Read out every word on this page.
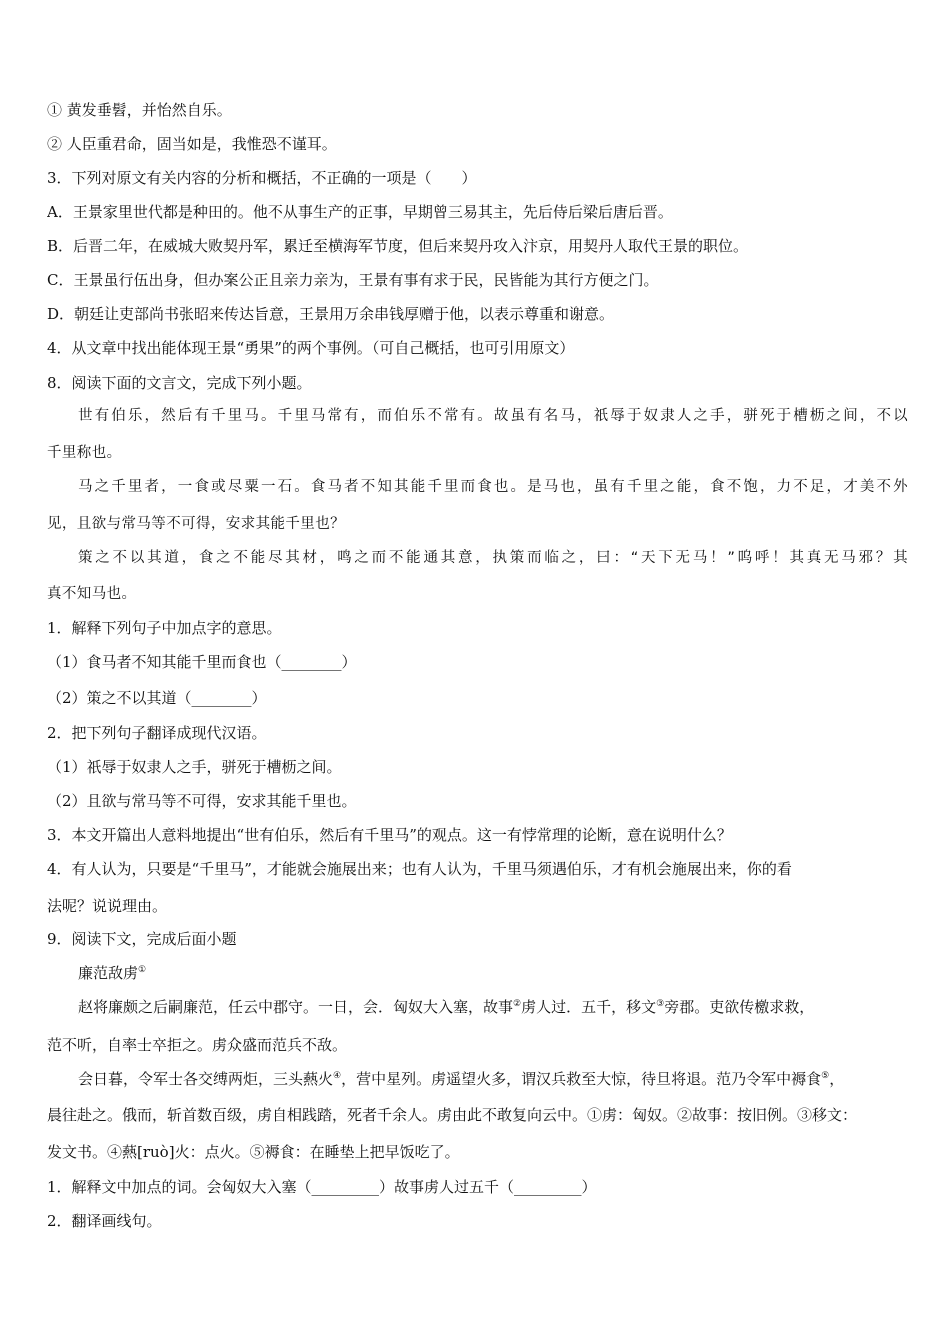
① 黄发垂髫，并怡然自乐。
② 人臣重君命，固当如是，我惟恐不谨耳。
3．下列对原文有关内容的分析和概括，不正确的一项是（　　）
A．王景家里世代都是种田的。他不从事生产的正事，早期曾三易其主，先后侍后梁后唐后晋。
B．后晋二年，在威城大败契丹军，累迁至横海军节度，但后来契丹攻入汴京，用契丹人取代王景的职位。
C．王景虽行伍出身，但办案公正且亲力亲为，王景有事有求于民，民皆能为其行方便之门。
D．朝廷让吏部尚书张昭来传达旨意，王景用万余串钱厚赠于他，以表示尊重和谢意。
4．从文章中找出能体现王景“勇果”的两个事例。（可自己概括，也可引用原文）
8．阅读下面的文言文，完成下列小题。
世有伯乐，然后有千里马。千里马常有，而伯乐不常有。故虽有名马，祇辱于奴隶人之手，骈死于槽枥之间，不以
千里称也。
马之千里者，一食或尽粟一石。食马者不知其能千里而食也。是马也，虽有千里之能，食不饱，力不足，才美不外
见，且欲与常马等不可得，安求其能千里也？
策之不以其道，食之不能尽其材，鸣之而不能通其意，执策而临之，曰：“天下无马！”呜呼！其真无马邪？其
真不知马也。
1．解释下列句子中加点字的意思。
（1）食马者不知其能千里而食也（________）
（2）策之不以其道（________）
2．把下列句子翻译成现代汉语。
（1）祇辱于奴隶人之手，骈死于槽枥之间。
（2）且欲与常马等不可得，安求其能千里也。
3．本文开篇出人意料地提出“世有伯乐，然后有千里马”的观点。这一有悖常理的论断，意在说明什么？
4．有人认为，只要是“千里马”，才能就会施展出来；也有人认为，千里马须遇伯乐，才有机会施展出来，你的看
法呢？说说理由。
9．阅读下文，完成后面小题
廉范敌虏①
赵将廉颇之后嗣廉范，任云中郡守。一日，会．匈奴大入塞，故事②虏人过．五千，移文③旁郡。吏欲传檄求救，
范不听，自率士卒拒之。虏众盛而范兵不敌。
会日暮，令军士各交缚两炬，三头爇火④，营中星列。虏遥望火多，谓汉兵救至大惊，待旦将退。范乃令军中褥食⑤，
晨往赴之。俄而，斩首数百级，虏自相践踏，死者千余人。虏由此不敢复向云中。①虏：匈奴。②故事：按旧例。③移文：
发文书。④爇[ruò]火：点火。⑤褥食：在睡垫上把早饭吃了。
1．解释文中加点的词。会匈奴大入塞（_________）故事虏人过五千（_________）
2．翻译画线句。
